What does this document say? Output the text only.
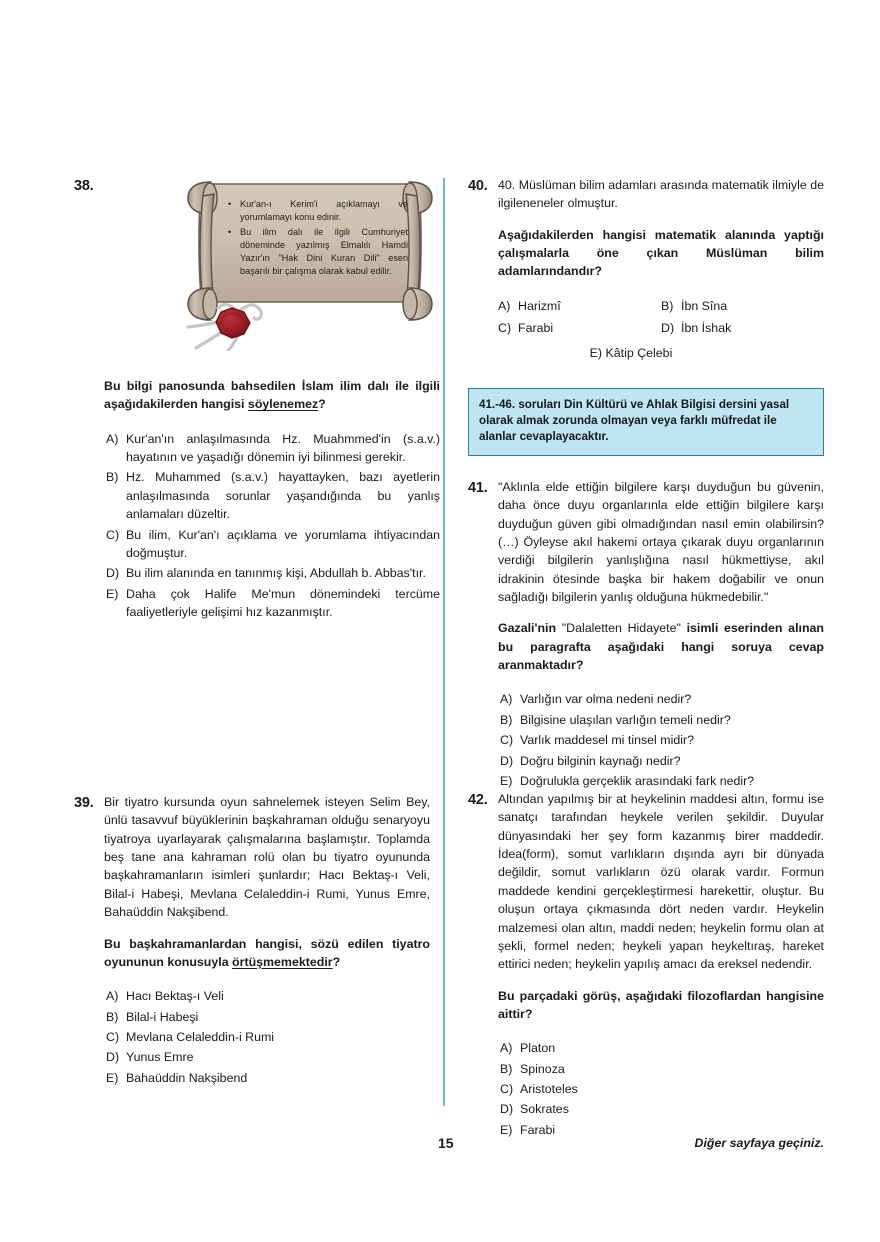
38.
• Kur'an-ı Kerim'i açıklamayı ve yorumlamayı konu edinir.
• Bu ilim dalı ile ilgili Cumhuriyet döneminde yazılmış Elmalılı Hamdi Yazır'ın "Hak Dini Kuran Dili" eseri başarılı bir çalışma olarak kabul edilir.
Bu bilgi panosunda bahsedilen İslam ilim dalı ile ilgili aşağıdakilerden hangisi söylenemez?
A) Kur'an'ın anlaşılmasında Hz. Muahmmed'in (s.a.v.) hayatının ve yaşadığı dönemin iyi bilinmesi gerekir.
B) Hz. Muhammed (s.a.v.) hayattayken, bazı ayetlerin anlaşılmasında sorunlar yaşandığında bu yanlış anlamaları düzeltir.
C) Bu ilim, Kur'an'ı açıklama ve yorumlama ihtiyacından doğmuştur.
D) Bu ilim alanında en tanınmış kişi, Abdullah b. Abbas'tır.
E) Daha çok Halife Me'mun dönemindeki tercüme faaliyetleriyle gelişimi hız kazanmıştır.
39. Bir tiyatro kursunda oyun sahnelemek isteyen Selim Bey, ünlü tasavvuf büyüklerinin başkahraman olduğu senaryoyu tiyatroya uyarlayarak çalışmalarına başlamıştır. Toplamda beş tane ana kahraman rolü olan bu tiyatro oyununda başkahramanların isimleri şunlardır; Hacı Bektaş-ı Veli, Bilal-i Habeşi, Mevlana Celaleddin-i Rumi, Yunus Emre, Bahaüddin Nakşibend.

Bu başkahramanlardan hangisi, sözü edilen tiyatro oyununun konusuyla örtüşmemektedir?
A) Hacı Bektaş-ı Veli
B) Bilal-i Habeşi
C) Mevlana Celaleddin-i Rumi
D) Yunus Emre
E) Bahaüddin Nakşibend
40. 40. Müslüman bilim adamları arasında matematik ilmiyle de ilgileneneler olmuştur.

Aşağıdakilerden hangisi matematik alanında yaptığı çalışmalarla öne çıkan Müslüman bilim adamlarındandır?
A) Harizmî	B) İbn Sîna
C) Farabi	D) İbn İshak
E) Kâtip Çelebi
41.-46. soruları Din Kültürü ve Ahlak Bilgisi dersini yasal olarak almak zorunda olmayan veya farklı müfredat ile alanlar cevaplayacaktır.
41. "Aklınla elde ettiğin bilgilere karşı duyduğun bu güvenin, daha önce duyu organlarınla elde ettiğin bilgilere karşı duyduğun güven gibi olmadığından nasıl emin olabilirsin? (…) Öyleyse akıl hakemi ortaya çıkarak duyu organlarının verdiği bilgilerin yanlışlığına nasıl hükmettiyse, akıl idrakinin ötesinde başka bir hakem doğabilir ve onun sağladığı bilgilerin yanlış olduğuna hükmedebilir."

Gazali'nin "Dalaletten Hidayete" isimli eserinden alınan bu paragrafta aşağıdaki hangi soruya cevap aranmaktadır?
A) Varlığın var olma nedeni nedir?
B) Bilgisine ulaşılan varlığın temeli nedir?
C) Varlık maddesel mi tinsel midir?
D) Doğru bilginin kaynağı nedir?
E) Doğrulukla gerçeklik arasındaki fark nedir?
42. Altından yapılmış bir at heykelinin maddesi altın, formu ise sanatçı tarafından heykele verilen şekildir. Duyular dünyasındaki her şey form kazanmış birer maddedir. İdea(form), somut varlıkların dışında ayrı bir dünyada değildir, somut varlıkların özü olarak vardır. Formun maddede kendini gerçekleştirmesi harekettir, oluştur. Bu oluşun ortaya çıkmasında dört neden vardır. Heykelin malzemesi olan altın, maddi neden; heykelin formu olan at şekli, formel neden; heykeli yapan heykeltıraş, hareket ettirici neden; heykelin yapılış amacı da ereksel nedendir.

Bu parçadaki görüş, aşağıdaki filozoflardan hangisine aittir?
A) Platon
B) Spinoza
C) Aristoteles
D) Sokrates
E) Farabi
15	Diğer sayfaya geçiniz.
